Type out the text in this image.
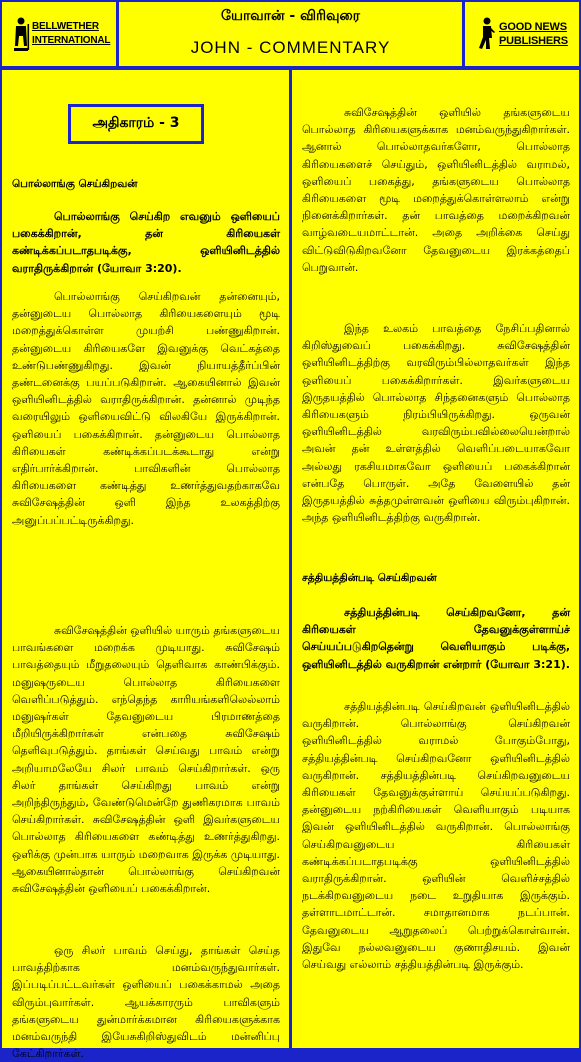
BELLWETHER
INTERNATIONAL
யோவான் - விரிவுரை
JOHN - COMMENTARY
GOOD NEWS
PUBLISHERS
அதிகாரம் - 3
பொல்லாங்கு செய்கிறவன்

பொல்லாங்கு செய்கிற எவனும் ஒளியைப் பகைக்கிறான், தன் கிரியைகள் கண்டிக்கப்படாதபடிக்கு, ஒளியினிடத்தில் வராதிருக்கிறான் (யோவா 3:20).

பொல்லாங்கு செய்கிறவன் தன்னையும், தன்னுடைய பொல்லாத கிரியைகளையும் மூடி மறைத்துக்கொள்ள முயற்சி பண்ணுகிறான். தன்னுடைய கிரியைகளே இவனுக்கு வெட்கத்தை உண்டுபண்ணுகிறது. இவன் நியாயத்தீர்ப்பின் தண்டனைக்கு பயப்படுகிறான். ஆகையினால் இவன் ஒளியினிடத்தில் வராதிருக்கிறான். தன்னால் முடிந்த வரையிலும் ஒளியைவிட்டு விலகியே இருக்கிறான். ஒளியைப் பகைக்கிறான். தன்னுடைய பொல்லாத கிரியைகள் கண்டிக்கப்படக்கூடாது என்று எதிர்பார்க்கிறான். பாவிகளின் பொல்லாத கிரியைகளை கண்டித்து உணர்த்துவதற்காகவே சுவிசேஷத்தின் ஒளி இந்த உலகத்திற்கு அனுப்பப்பட்டிருக்கிறது.

சுவிசேஷத்தின் ஒளியில் யாரும் தங்களுடைய பாவங்களை மறைக்க முடியாது. சுவிசேஷம் பாவத்தையும் மீறுதலையும் தெளிவாக காண்பிக்கும். மனுஷருடைய பொல்லாத கிரியைகளை வெளிப்படுத்தும். எந்தெந்த காரியங்களிலெல்லாம் மனுஷர்கள் தேவனுடைய பிரமாணத்தை மீறியிருக்கிறார்கள் என்பதை சுவிசேஷம் தெளிவுபடுத்தும். தாங்கள் செய்வது பாவம் என்று அறியாமலேயே சிலர் பாவம் செய்கிறார்கள். ஒரு சிலர் தாங்கள் செய்கிறது பாவம் என்று அறிந்திருந்தும், வேண்டுமென்றே துணிகரமாக பாவம் செய்கிறார்கள். சுவிசேஷத்தின் ஒளி இவர்களுடைய பொல்லாத கிரியைகளை கண்டித்து உணர்த்துகிறது. ஒளிக்கு முன்பாக யாரும் மறைவாக இருக்க முடியாது. ஆகையினால்தான் பொல்லாங்கு செய்கிறவன் சுவிசேஷத்தின் ஒளியைப் பகைக்கிறான்.

ஒரு சிலர் பாவம் செய்து, தாங்கள் செய்த பாவத்திற்காக மனம்வருந்துவார்கள். இப்படிப்பட்டவர்கள் ஒளியைப் பகைக்காமல் அதை விரும்புவார்கள். ஆயக்காரரும் பாவிகளும் தங்களுடைய துன்மார்க்கமான கிரியைகளுக்காக மனம்வருந்தி இயேசுகிறிஸ்துவிடம் மன்னிப்பு கேட்கிறார்கள்.

சுவிசேஷத்தின் ஒளியில் தங்களுடைய பொல்லாத கிரியைகளுக்காக மனம்வருந்துகிறார்கள். ஆனால் பொல்லாதவர்களோ, பொல்லாத கிரியைகளைச் செய்தும், ஒளியினிடத்தில் வராமல், ஒளியைப் பகைத்து, தங்களுடைய பொல்லாத கிரியைகளை மூடி மறைத்துக்கொள்ளலாம் என்று நினைக்கிறார்கள். தன் பாவத்தை மறைக்கிறவன் வாழ்வடையமாட்டான். அதை அறிக்கை செய்து விட்டுவிடுகிறவனோ தேவனுடைய இரக்கத்தைப் பெறுவான்.

இந்த உலகம் பாவத்தை நேசிப்பதினால் கிறிஸ்துவைப் பகைக்கிறது. சுவிசேஷத்தின் ஒளியினிடத்திற்கு வரவிரும்பில்லாதவர்கள் இந்த ஒளியைப் பகைக்கிறார்கள். இவர்களுடைய இருதயத்தில் பொல்லாத சிந்தனைகளும் பொல்லாத கிரியைகளும் நிரம்பியிருக்கிறது. ஒருவன் ஒளியினிடத்தில் வரவிரும்பவில்லையென்றால் அவன் தன் உள்ளத்தில் வெளிப்படையாகவோ அல்லது ரகசியமாகவோ ஒளியைப் பகைக்கிறான் என்பதே பொருள். அதே வேளையில் தன் இருதயத்தில் சுத்தமுள்ளவன் ஒளியை விரும்புகிறான். அந்த ஒளியினிடத்திற்கு வருகிறான்.

சத்தியத்தின்படி செய்கிறவன்

சத்தியத்தின்படி செய்கிறவனோ, தன் கிரியைகள் தேவனுக்குள்ளாய்ச் செய்யப்படுகிறதென்று வெளியாகும் படிக்கு, ஒளியினிடத்தில் வருகிறான் என்றார் (யோவா 3:21).

சத்தியத்தின்படி செய்கிறவன் ஒளியினிடத்தில் வருகிறான். பொல்லாங்கு செய்கிறவன் ஒளியினிடத்தில் வராமல் போகும்போது, சத்தியத்தின்படி செய்கிறவனோ ஒளியினிடத்தில் வருகிறான். சத்தியத்தின்படி செய்கிறவனுடைய கிரியைகள் தேவனுக்குள்ளாய் செய்யப்படுகிறது. தன்னுடைய நற்கிரியைகள் வெளியாகும் படியாக இவன் ஒளியினிடத்தில் வருகிறான். பொல்லாங்கு செய்கிறவனுடைய கிரியைகள் கண்டிக்கப்படாதபடிக்கு ஒளியினிடத்தில் வராதிருக்கிறான். ஒளியின் வெளிச்சத்தில் நடக்கிறவனுடைய நடை உறுதியாக இருக்கும். தள்ளாடமாட்டான். சமாதானமாக நடப்பான். தேவனுடைய ஆறுதலைப் பெற்றுக்கொள்வான். இதுவே நல்லவனுடைய குணாதிசயம். இவன் செய்வது எல்லாம் சத்தியத்தின்படி இருக்கும்.
